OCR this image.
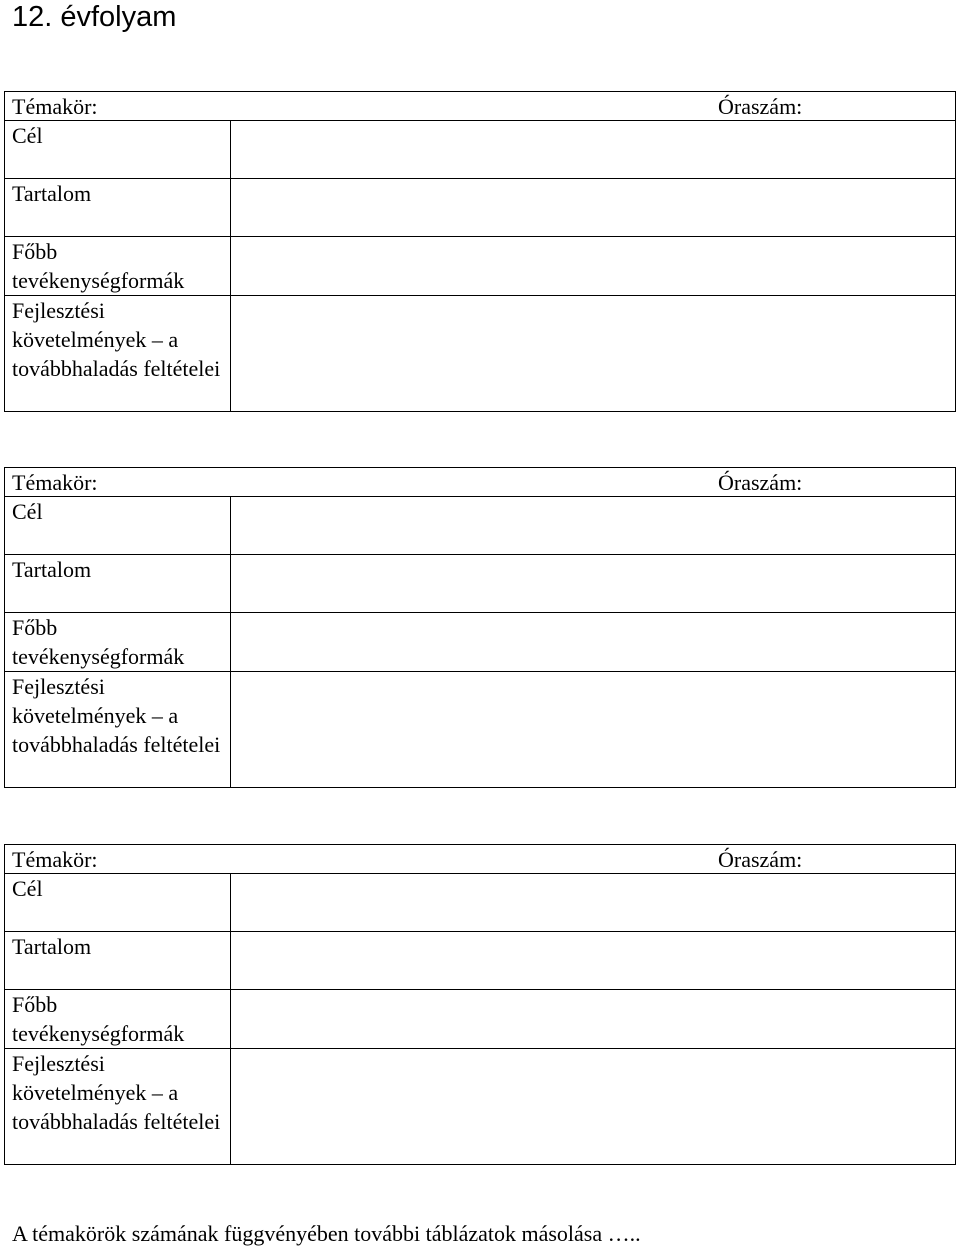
12. évfolyam
Témakör: Óraszám:	

Cél	
Tartalom	
Főbb tevékenységformák	
Fejlesztési követelmények – a továbbhaladás feltételei	
Témakör: Óraszám:	

Cél	
Tartalom	
Főbb tevékenységformák	
Fejlesztési követelmények – a továbbhaladás feltételei	
Témakör: Óraszám:	

Cél	
Tartalom	
Főbb tevékenységformák	
Fejlesztési követelmények – a továbbhaladás feltételei	

A témakörök számának függvényében további táblázatok másolása …..
